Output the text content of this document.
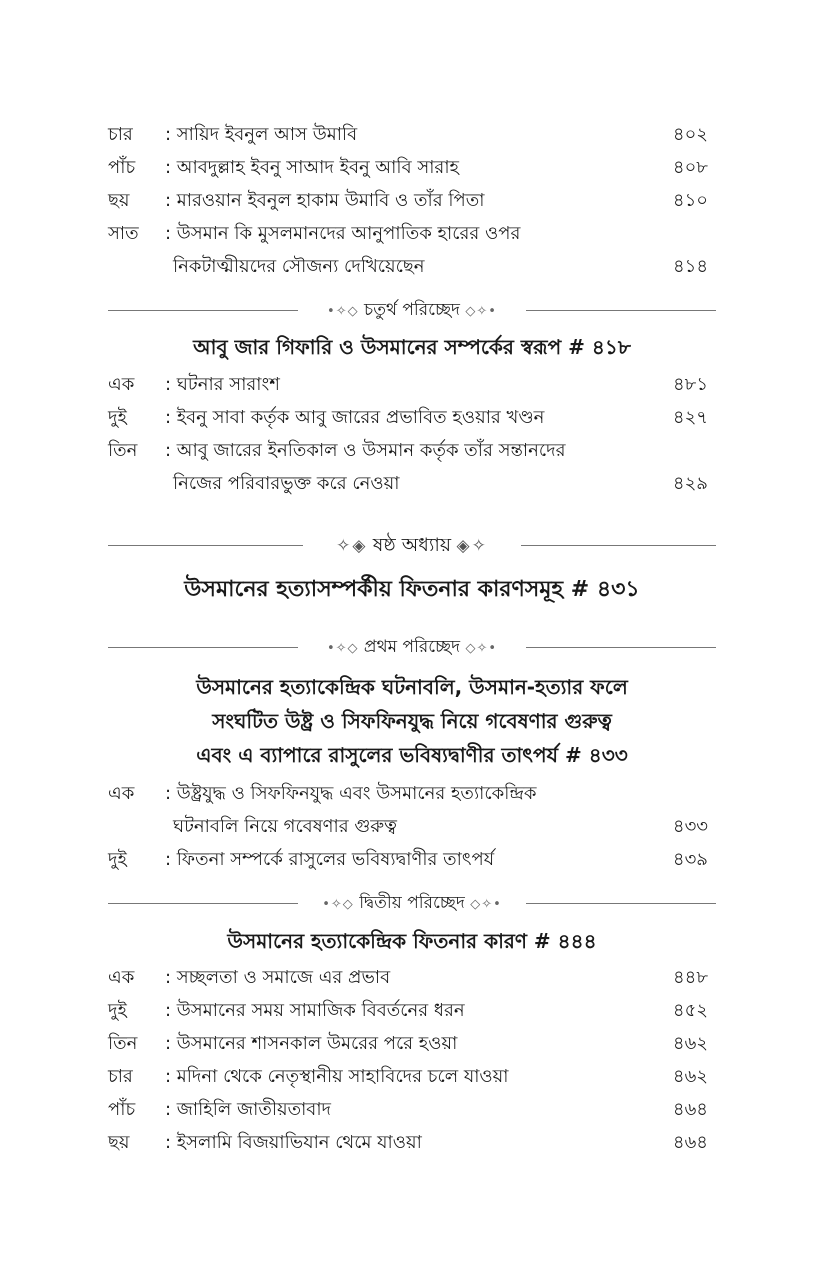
চার : সায়িদ ইবনুল আস উমাবি	৪০২
পাঁচ : আবদুল্লাহ ইবনু সাআদ ইবনু আবি সারাহ	৪০৮
ছয় : মারওয়ান ইবনুল হাকাম উমাবি ও তাঁর পিতা	৪১০
সাত : উসমান কি মুসলমানদের আনুপাতিক হারের ওপর
নিকটাত্মীয়দের সৌজন্য দেখিয়েছেন	৪১৪
•✧◇ চতুর্থ পরিচ্ছেদ ◇✧•
আবু জার গিফারি ও উসমানের সম্পর্কের স্বরূপ # ৪১৮
এক : ঘটনার সারাংশ	৪৮১
দুই : ইবনু সাবা কর্তৃক আবু জারের প্রভাবিত হওয়ার খণ্ডন	৪২৭
তিন : আবু জারের ইনতিকাল ও উসমান কর্তৃক তাঁর সন্তানদের
নিজের পরিবারভুক্ত করে নেওয়া	৪২৯
✧◈ ষষ্ঠ অধ্যায় ◈✧
উসমানের হত্যাসম্পর্কীয় ফিতনার কারণসমূহ # ৪৩১
•✧◇ প্রথম পরিচ্ছেদ ◇✧•
উসমানের হত্যাকেন্দ্রিক ঘটনাবলি, উসমান-হত্যার ফলে
সংঘটিত উষ্ট্র ও সিফফিনযুদ্ধ নিয়ে গবেষণার গুরুত্ব
এবং এ ব্যাপারে রাসুলের ভবিষ্যদ্বাণীর তাৎপর্য # ৪৩৩
এক : উষ্ট্রযুদ্ধ ও সিফফিনযুদ্ধ এবং উসমানের হত্যাকেন্দ্রিক
ঘটনাবলি নিয়ে গবেষণার গুরুত্ব	৪৩৩
দুই : ফিতনা সম্পর্কে রাসুলের ভবিষ্যদ্বাণীর তাৎপর্য	৪৩৯
•✧◇ দ্বিতীয় পরিচ্ছেদ ◇✧•
উসমানের হত্যাকেন্দ্রিক ফিতনার কারণ # ৪৪৪
এক : সচ্ছলতা ও সমাজে এর প্রভাব	৪৪৮
দুই : উসমানের সময় সামাজিক বিবর্তনের ধরন	৪৫২
তিন : উসমানের শাসনকাল উমরের পরে হওয়া	৪৬২
চার : মদিনা থেকে নেতৃস্থানীয় সাহাবিদের চলে যাওয়া	৪৬২
পাঁচ : জাহিলি জাতীয়তাবাদ	৪৬৪
ছয় : ইসলামি বিজয়াভিযান থেমে যাওয়া	৪৬৪
